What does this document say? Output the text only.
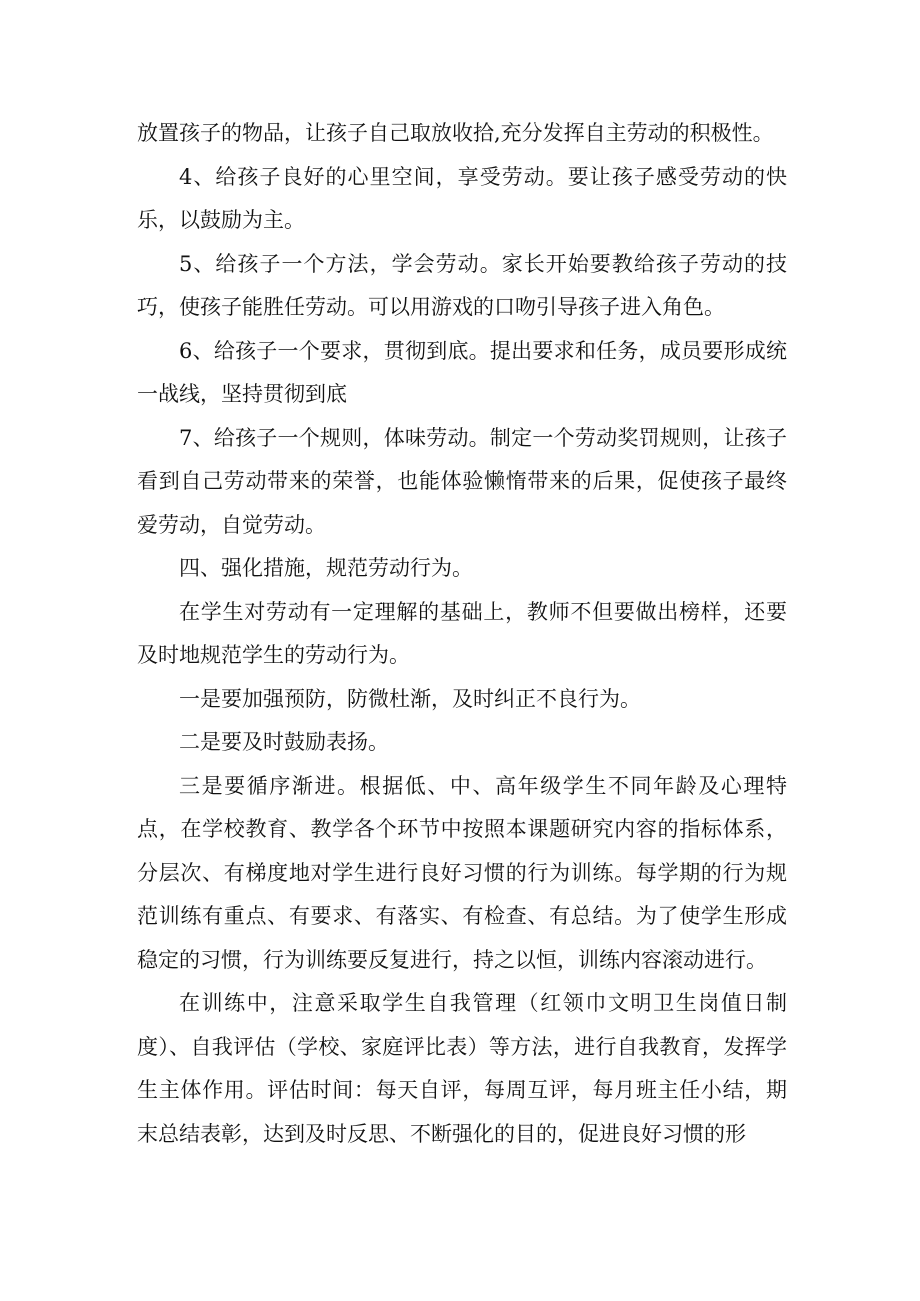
放置孩子的物品，让孩子自己取放收拾,充分发挥自主劳动的积极性。

4、给孩子良好的心里空间，享受劳动。要让孩子感受劳动的快乐，以鼓励为主。

5、给孩子一个方法，学会劳动。家长开始要教给孩子劳动的技巧，使孩子能胜任劳动。可以用游戏的口吻引导孩子进入角色。

6、给孩子一个要求，贯彻到底。提出要求和任务，成员要形成统一战线，坚持贯彻到底

7、给孩子一个规则，体味劳动。制定一个劳动奖罚规则，让孩子看到自己劳动带来的荣誉，也能体验懒惰带来的后果，促使孩子最终爱劳动，自觉劳动。

四、强化措施，规范劳动行为。

在学生对劳动有一定理解的基础上，教师不但要做出榜样，还要及时地规范学生的劳动行为。

一是要加强预防，防微杜渐，及时纠正不良行为。

二是要及时鼓励表扬。

三是要循序渐进。根据低、中、高年级学生不同年龄及心理特点，在学校教育、教学各个环节中按照本课题研究内容的指标体系，分层次、有梯度地对学生进行良好习惯的行为训练。每学期的行为规范训练有重点、有要求、有落实、有检查、有总结。为了使学生形成稳定的习惯，行为训练要反复进行，持之以恒，训练内容滚动进行。

在训练中，注意采取学生自我管理（红领巾文明卫生岗值日制度）、自我评估（学校、家庭评比表）等方法，进行自我教育，发挥学生主体作用。评估时间：每天自评，每周互评，每月班主任小结，期末总结表彰，达到及时反思、不断强化的目的，促进良好习惯的形
